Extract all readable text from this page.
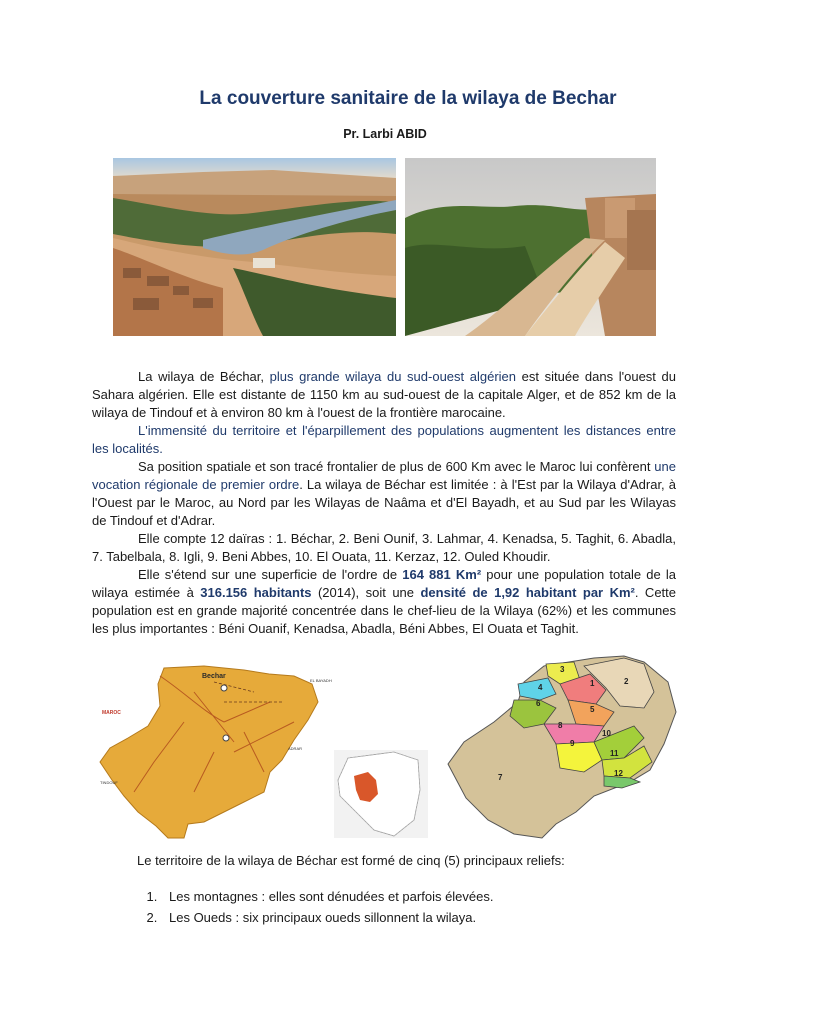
La couverture sanitaire de la wilaya de Bechar
Pr. Larbi ABID

La wilaya de Béchar, plus grande wilaya du sud-ouest algérien est située dans l'ouest du Sahara algérien. Elle est distante de 1150 km au sud-ouest de la capitale Alger, et de 852 km de la wilaya de Tindouf et à environ 80 km à l'ouest de la frontière marocaine.

L'immensité du territoire et l'éparpillement des populations augmentent les distances entre les localités.

Sa position spatiale et son tracé frontalier de plus de 600 Km avec le Maroc lui confèrent une vocation régionale de premier ordre. La wilaya de Béchar est limitée : à l'Est par la Wilaya d'Adrar, à l'Ouest par le Maroc, au Nord par les Wilayas de Naâma et d'El Bayadh, et au Sud par les Wilayas de Tindouf et d'Adrar.

Elle compte 12 daïras : 1. Béchar, 2. Beni Ounif, 3. Lahmar, 4. Kenadsa, 5. Taghit, 6. Abadla, 7. Tabelbala, 8. Igli, 9. Beni Abbes, 10. El Ouata, 11. Kerzaz, 12. Ouled Khoudir.

Elle s'étend sur une superficie de l'ordre de 164 881 Km² pour une population totale de la wilaya estimée à 316.156 habitants (2014), soit une densité de 1,92 habitant par Km². Cette population est en grande majorité concentrée dans le chef-lieu de la Wilaya (62%) et les communes les plus importantes : Béni Ouanif, Kenadsa, Abadla, Béni Abbes, El Ouata et Taghit.

Bechar
MAROC
EL BAYADH
ADRAR
TINDOUF
1	2
3
4
5
6
7
8
9
10
11
12
Le territoire de la wilaya de Béchar est formé de cinq (5) principaux reliefs:
1. Les montagnes : elles sont dénudées et parfois élevées.
2. Les Oueds : six principaux oueds sillonnent la wilaya.
